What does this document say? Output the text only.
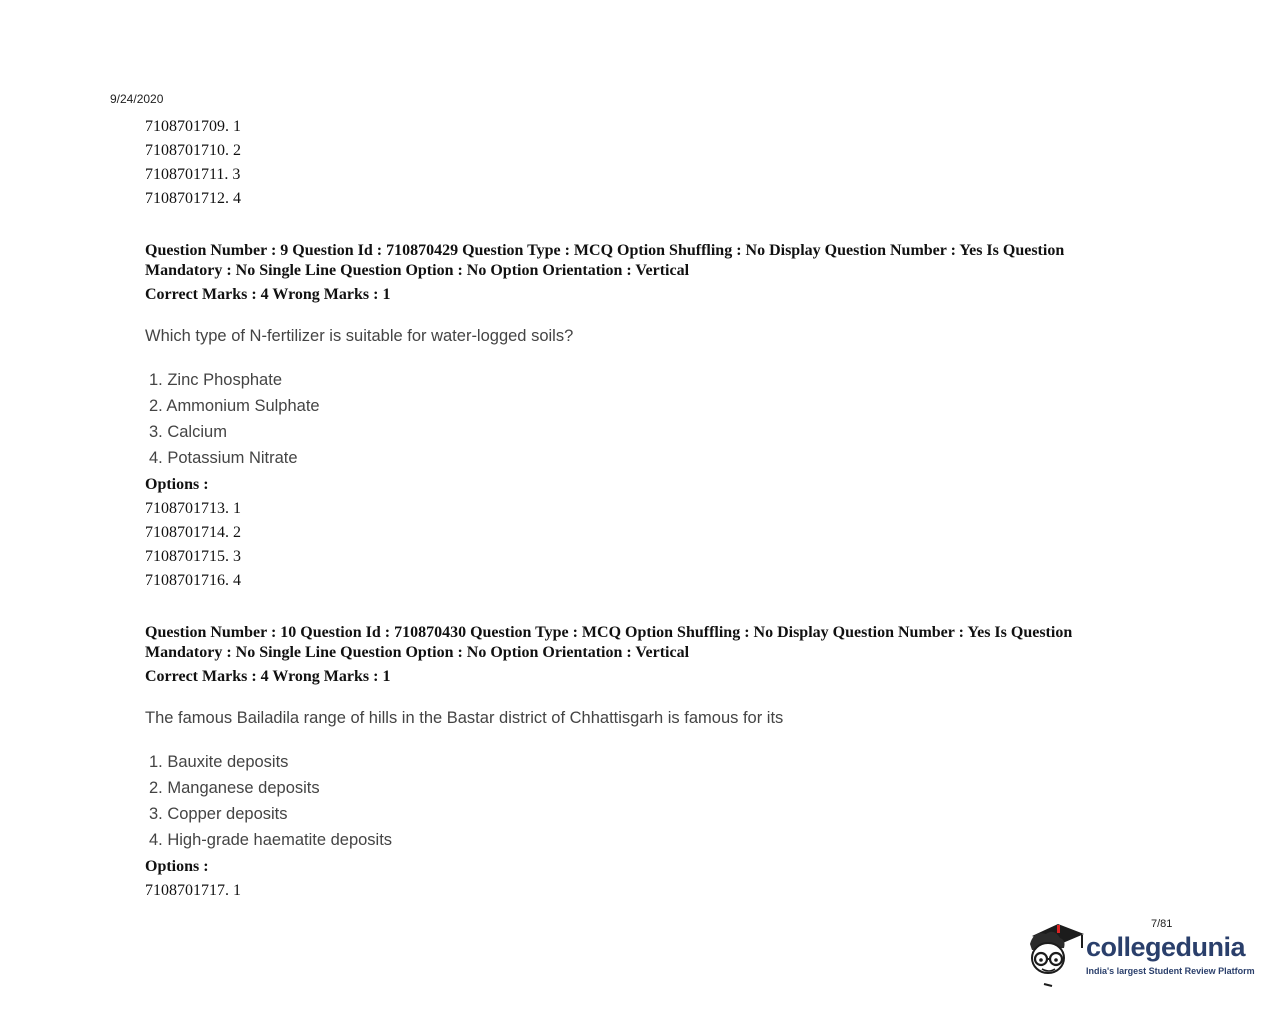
9/24/2020
7108701709. 1
7108701710. 2
7108701711. 3
7108701712. 4
Question Number : 9 Question Id : 710870429 Question Type : MCQ Option Shuffling : No Display Question Number : Yes Is Question
Mandatory : No Single Line Question Option : No Option Orientation : Vertical
Correct Marks : 4 Wrong Marks : 1
Which type of N-fertilizer is suitable for water-logged soils?
1. Zinc Phosphate
2. Ammonium Sulphate
3. Calcium
4. Potassium Nitrate
Options :
7108701713. 1
7108701714. 2
7108701715. 3
7108701716. 4
Question Number : 10 Question Id : 710870430 Question Type : MCQ Option Shuffling : No Display Question Number : Yes Is Question
Mandatory : No Single Line Question Option : No Option Orientation : Vertical
Correct Marks : 4 Wrong Marks : 1
The famous Bailadila range of hills in the Bastar district of Chhattisgarh is famous for its
1. Bauxite deposits
2. Manganese deposits
3. Copper deposits
4. High-grade haematite deposits
Options :
7108701717. 1
7/81
collegedunia
India's largest Student Review Platform
